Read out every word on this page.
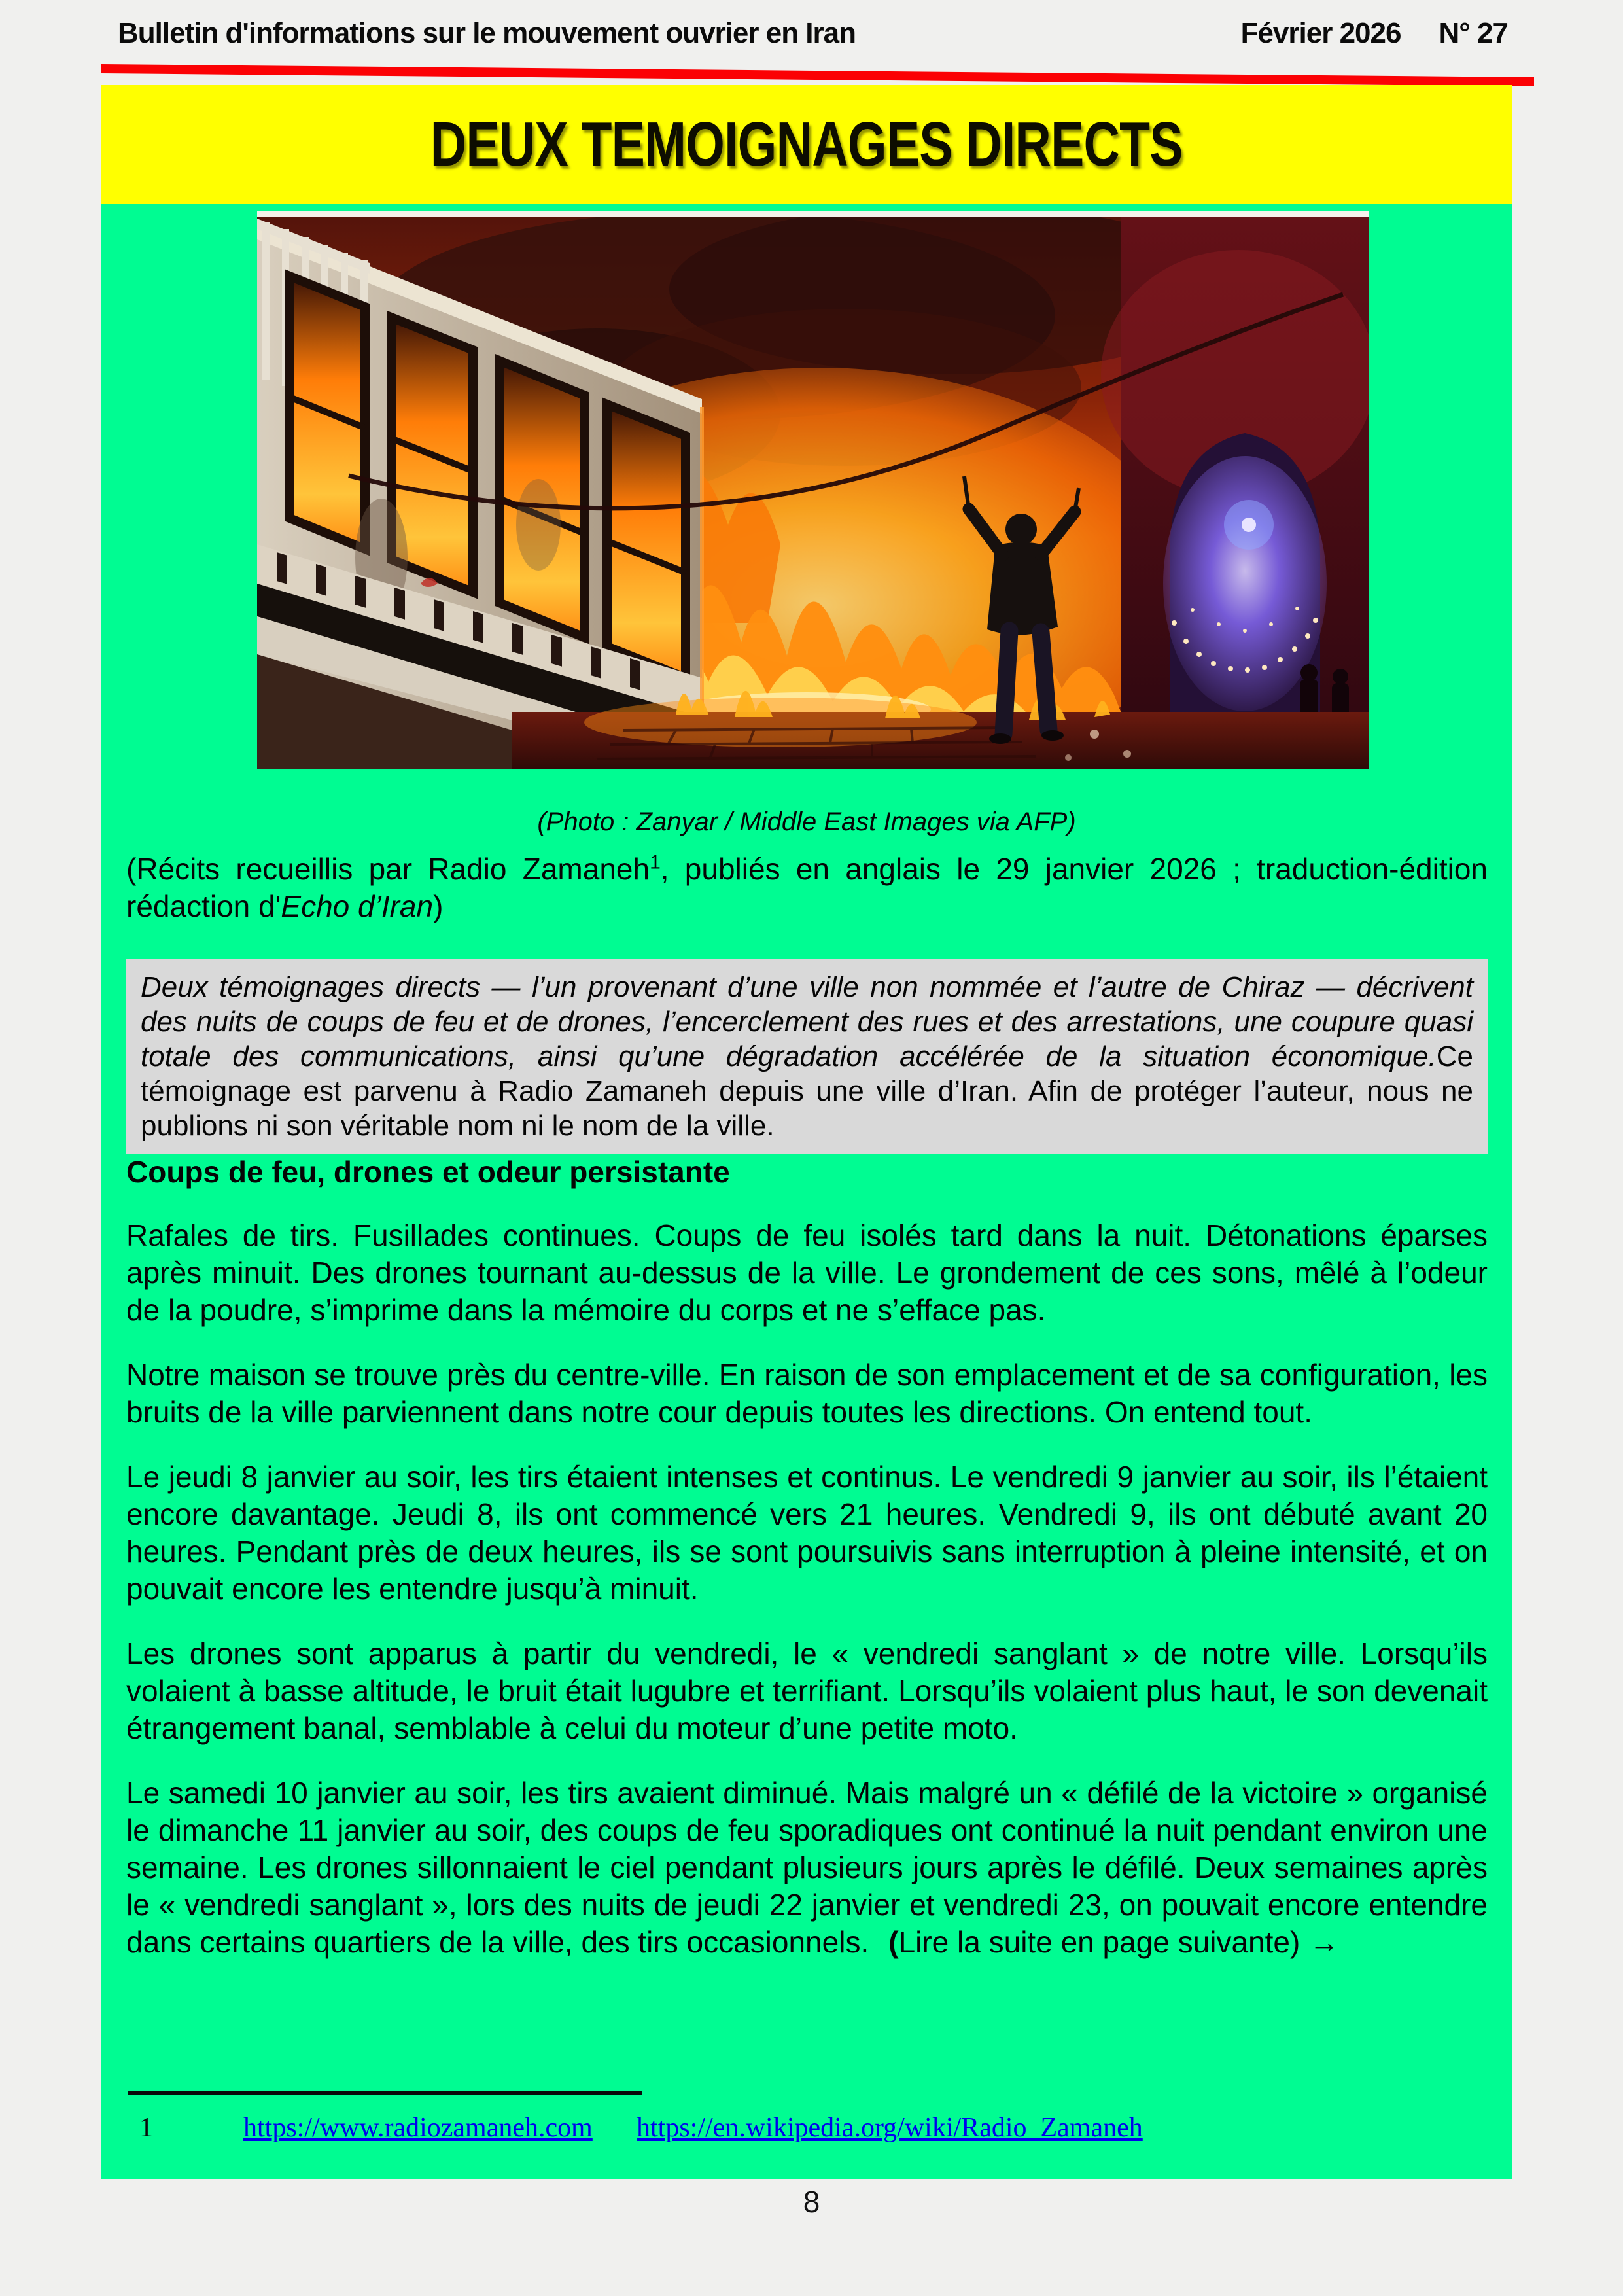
Bulletin d'informations sur le mouvement ouvrier en Iran	Février 2026 N° 27
DEUX TEMOIGNAGES DIRECTS
(Photo : Zanyar / Middle East Images via AFP)

(Récits recueillis par Radio Zamaneh$^1$, publiés en anglais le 29 janvier 2026 ; traduction-édition rédaction d'Echo d’Iran)

Deux témoignages directs — l’un provenant d’une ville non nommée et l’autre de Chiraz — décrivent des nuits de coups de feu et de drones, l’encerclement des rues et des arrestations, une coupure quasi totale des communications, ainsi qu’une dégradation accélérée de la situation économique.Ce témoignage est parvenu à Radio Zamaneh depuis une ville d’Iran. Afin de protéger l’auteur, nous ne publions ni son véritable nom ni le nom de la ville.

Coups de feu, drones et odeur persistante

Rafales de tirs. Fusillades continues. Coups de feu isolés tard dans la nuit. Détonations éparses après minuit. Des drones tournant au-dessus de la ville. Le grondement de ces sons, mêlé à l’odeur de la poudre, s’imprime dans la mémoire du corps et ne s’efface pas.

Notre maison se trouve près du centre-ville. En raison de son emplacement et de sa configuration, les bruits de la ville parviennent dans notre cour depuis toutes les directions. On entend tout.

Le jeudi 8 janvier au soir, les tirs étaient intenses et continus. Le vendredi 9 janvier au soir, ils l’étaient encore davantage. Jeudi 8, ils ont commencé vers 21 heures. Vendredi 9, ils ont débuté avant 20 heures. Pendant près de deux heures, ils se sont poursuivis sans interruption à pleine intensité, et on pouvait encore les entendre jusqu’à minuit.

Les drones sont apparus à partir du vendredi, le « vendredi sanglant » de notre ville. Lorsqu’ils volaient à basse altitude, le bruit était lugubre et terrifiant. Lorsqu’ils volaient plus haut, le son devenait étrangement banal, semblable à celui du moteur d’une petite moto.

Le samedi 10 janvier au soir, les tirs avaient diminué. Mais malgré un « défilé de la victoire » organisé le dimanche 11 janvier au soir, des coups de feu sporadiques ont continué la nuit pendant environ une semaine. Les drones sillonnaient le ciel pendant plusieurs jours après le défilé. Deux semaines après le « vendredi sanglant », lors des nuits de jeudi 22 janvier et vendredi 23, on pouvait encore entendre dans certains quartiers de la ville, des tirs occasionnels. (Lire la suite en page suivante) →

1	https://www.radiozamaneh.com https://en.wikipedia.org/wiki/Radio_Zamaneh
8
